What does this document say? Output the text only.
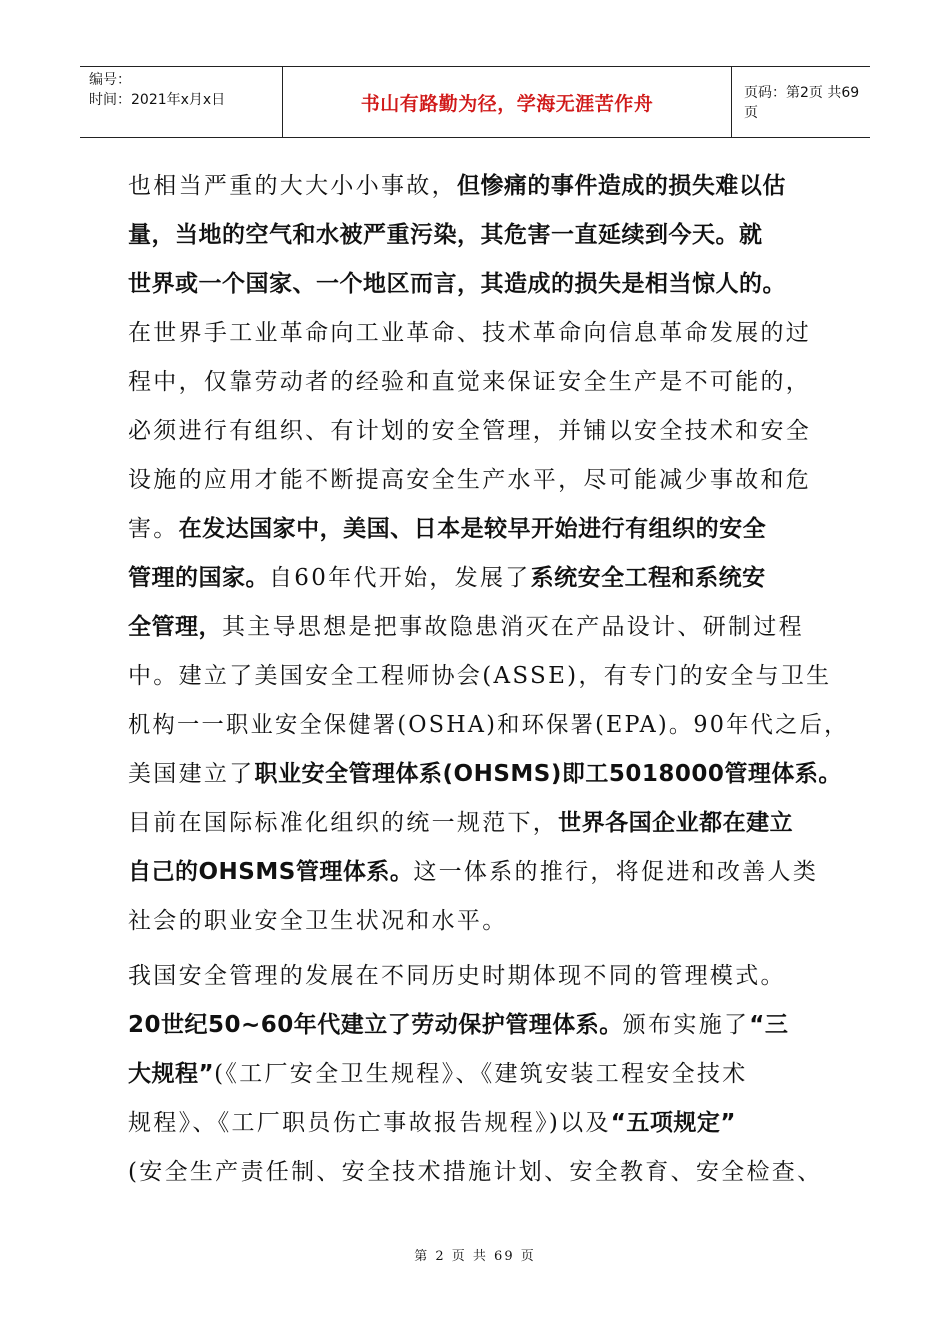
编号：
时间：2021年x月x日	书山有路勤为径，学海无涯苦作舟	页码：第2页 共69页
也相当严重的大大小小事故，但惨痛的事件造成的损失难以估
量，当地的空气和水被严重污染，其危害一直延续到今天。就
世界或一个国家、一个地区而言，其造成的损失是相当惊人的。
在世界手工业革命向工业革命、技术革命向信息革命发展的过
程中，仅靠劳动者的经验和直觉来保证安全生产是不可能的，
必须进行有组织、有计划的安全管理，并铺以安全技术和安全
设施的应用才能不断提高安全生产水平，尽可能减少事故和危
害。在发达国家中，美国、日本是较早开始进行有组织的安全
管理的国家。自60年代开始，发展了系统安全工程和系统安
全管理，其主导思想是把事故隐患消灭在产品设计、研制过程
中。建立了美国安全工程师协会(ASSE)，有专门的安全与卫生
机构一一职业安全保健署(OSHA)和环保署(EPA)。90年代之后，
美国建立了职业安全管理体系(OHSMS)即工5018000管理体系。
目前在国际标准化组织的统一规范下，世界各国企业都在建立
自己的OHSMS管理体系。这一体系的推行，将促进和改善人类
社会的职业安全卫生状况和水平。
我国安全管理的发展在不同历史时期体现不同的管理模式。
20世纪50~60年代建立了劳动保护管理体系。颁布实施了“三
大规程”(《工厂安全卫生规程》、《建筑安装工程安全技术
规程》、《工厂职员伤亡事故报告规程》)以及“五项规定”
(安全生产责任制、安全技术措施计划、安全教育、安全检查、
第 2 页 共 69 页
